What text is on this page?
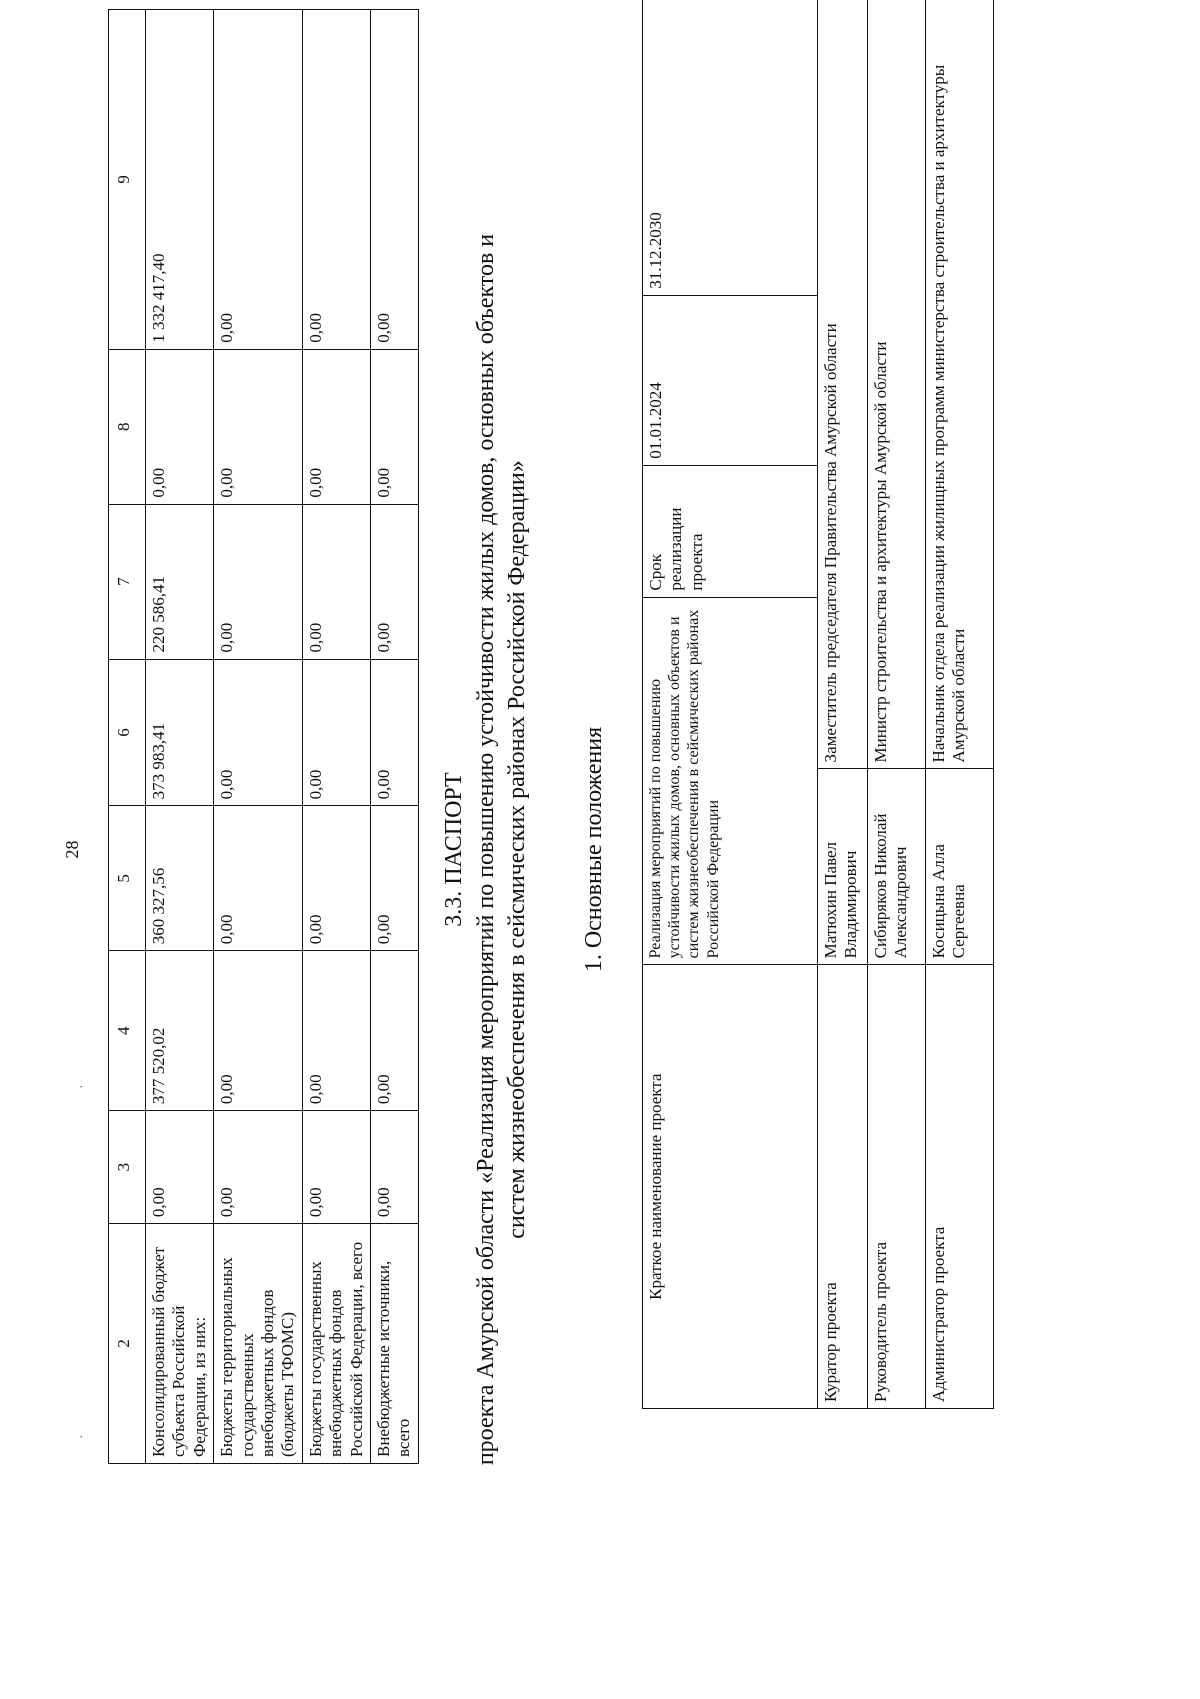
28
·
·
2	3	4	5	6	7	8	9
Консолидированный бюджет субъекта Российской Федерации, из них:	0,00	377 520,02	360 327,56	373 983,41	220 586,41	0,00	1 332 417,40
Бюджеты территориальных государственных внебюджетных фондов (бюджеты ТФОМС)	0,00	0,00	0,00	0,00	0,00	0,00	0,00
Бюджеты государственных внебюджетных фондов Российской Федерации, всего	0,00	0,00	0,00	0,00	0,00	0,00	0,00
Внебюджетные источники, всего	0,00	0,00	0,00	0,00	0,00	0,00	0,00
3.3. ПАСПОРТ проекта Амурской области «Реализация мероприятий по повышению устойчивости жилых домов, основных объектов и систем жизнеобеспечения в сейсмических районах Российской Федерации» 1. Основные положения
Краткое наименование проекта	Реализация мероприятий по повышению устойчивости жилых домов, основных объектов и систем жизнеобеспечения в сейсмических районах Российской Федерации		Срок реализации проекта	01.01.2024	31.12.2030
Куратор проекта	Матюхин Павел Владимирович	Заместитель председателя Правительства Амурской области			
Руководитель проекта	Сибиряков Николай Александрович	Министр строительства и архитектуры Амурской области			
Администратор проекта	Косицына Алла Сергеевна	Начальник отдела реализации жилищных программ министерства строительства и архитектуры Амурской области			
